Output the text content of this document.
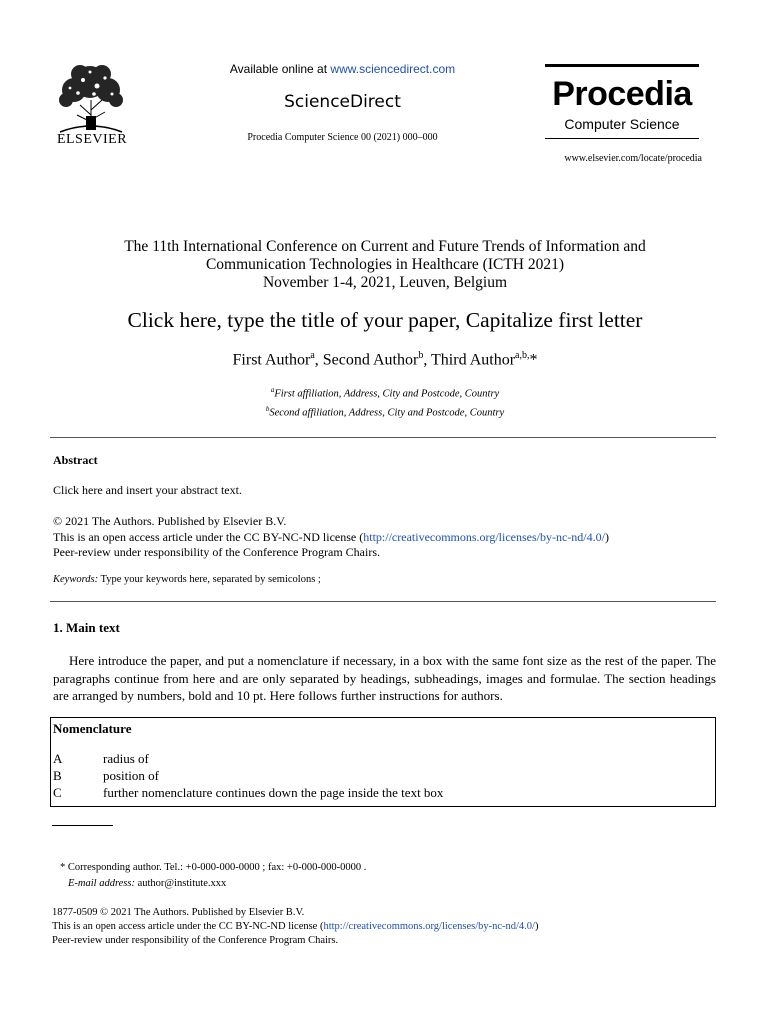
ELSEVIER
Available online at www.sciencedirect.com
ScienceDirect
Procedia Computer Science 00 (2021) 000–000
Procedia
Computer Science
www.elsevier.com/locate/procedia
The 11th International Conference on Current and Future Trends of Information and
Communication Technologies in Healthcare (ICTH 2021)
November 1-4, 2021, Leuven, Belgium
Click here, type the title of your paper, Capitalize first letter
First Author$^a$, Second Author$^b$, Third Author$^{a,b,}$*
$^a$First affiliation, Address, City and Postcode, Country
$^b$Second affiliation, Address, City and Postcode, Country
Abstract
Click here and insert your abstract text.
© 2021 The Authors. Published by Elsevier B.V.
This is an open access article under the CC BY-NC-ND license (http://creativecommons.org/licenses/by-nc-nd/4.0/)
Peer-review under responsibility of the Conference Program Chairs.
Keywords: Type your keywords here, separated by semicolons ;
1. Main text
Here introduce the paper, and put a nomenclature if necessary, in a box with the same font size as the rest of the paper. The paragraphs continue from here and are only separated by headings, subheadings, images and formulae. The section headings are arranged by numbers, bold and 10 pt. Here follows further instructions for authors.
Nomenclature
A	radius of
B	position of
C	further nomenclature continues down the page inside the text box
* Corresponding author. Tel.: +0-000-000-0000 ; fax: +0-000-000-0000 .
E-mail address: author@institute.xxx
1877-0509 © 2021 The Authors. Published by Elsevier B.V.
This is an open access article under the CC BY-NC-ND license (http://creativecommons.org/licenses/by-nc-nd/4.0/)
Peer-review under responsibility of the Conference Program Chairs.
